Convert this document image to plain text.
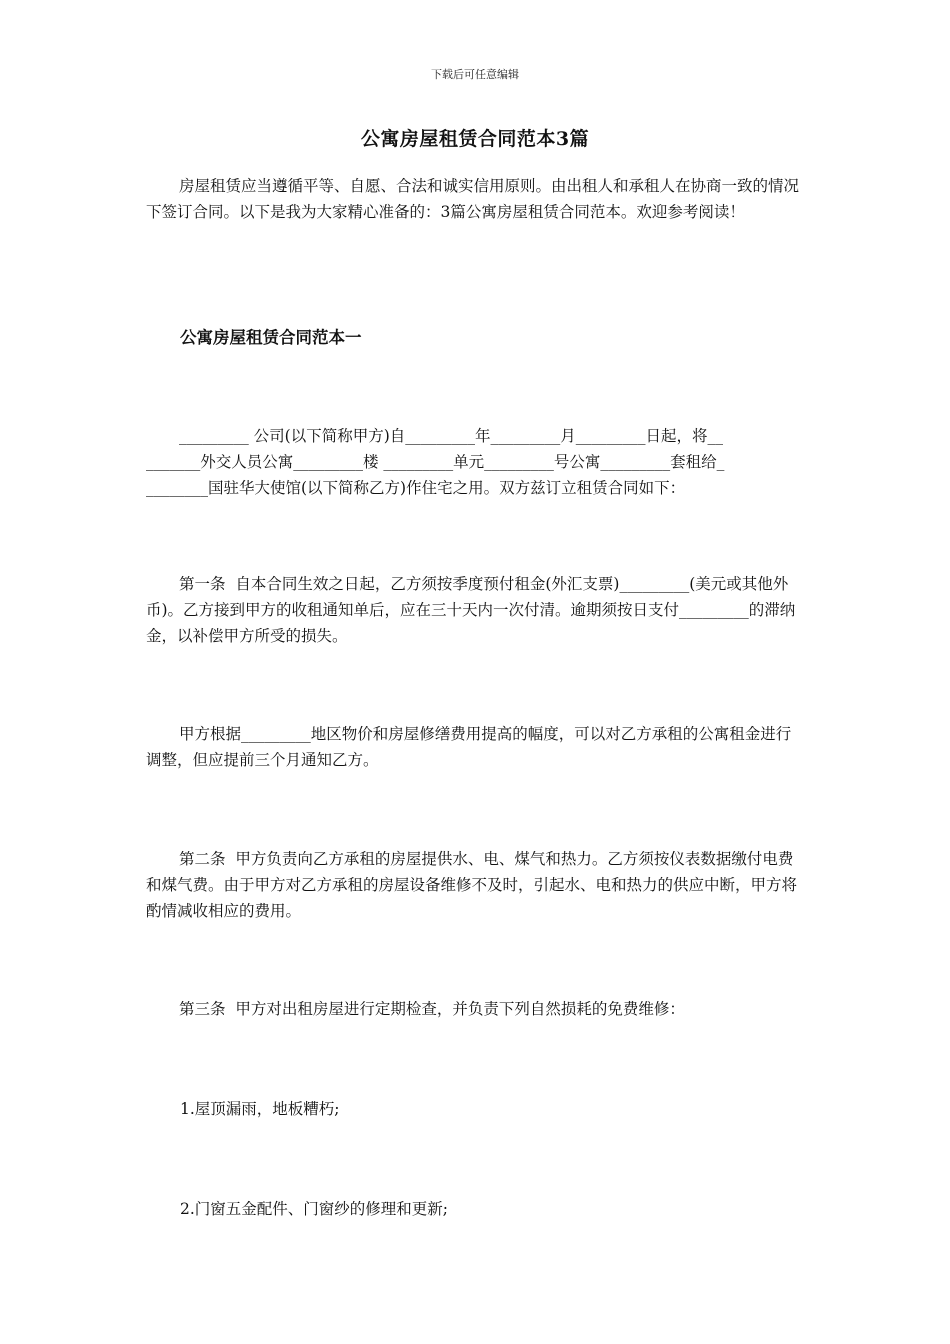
下载后可任意编辑
公寓房屋租赁合同范本3篇

房屋租赁应当遵循平等、自愿、合法和诚实信用原则。由出租人和承租人在协商一致的情况下签订合同。以下是我为大家精心准备的：3篇公寓房屋租赁合同范本。欢迎参考阅读！

公寓房屋租赁合同范本一

_________ 公司(以下简称甲方)自_________年_________月_________日起，将__
_______外交人员公寓_________楼 _________单元_________号公寓_________套租给_
________国驻华大使馆(以下简称乙方)作住宅之用。双方兹订立租赁合同如下：

第一条  自本合同生效之日起，乙方须按季度预付租金(外汇支票)_________(美元或其他外币)。乙方接到甲方的收租通知单后，应在三十天内一次付清。逾期须按日支付_________的滞纳金，以补偿甲方所受的损失。

甲方根据_________地区物价和房屋修缮费用提高的幅度，可以对乙方承租的公寓租金进行调整，但应提前三个月通知乙方。

第二条  甲方负责向乙方承租的房屋提供水、电、煤气和热力。乙方须按仪表数据缴付电费和煤气费。由于甲方对乙方承租的房屋设备维修不及时，引起水、电和热力的供应中断，甲方将酌情减收相应的费用。

第三条  甲方对出租房屋进行定期检查，并负责下列自然损耗的免费维修：

1.屋顶漏雨，地板糟朽;

2.门窗五金配件、门窗纱的修理和更新;
